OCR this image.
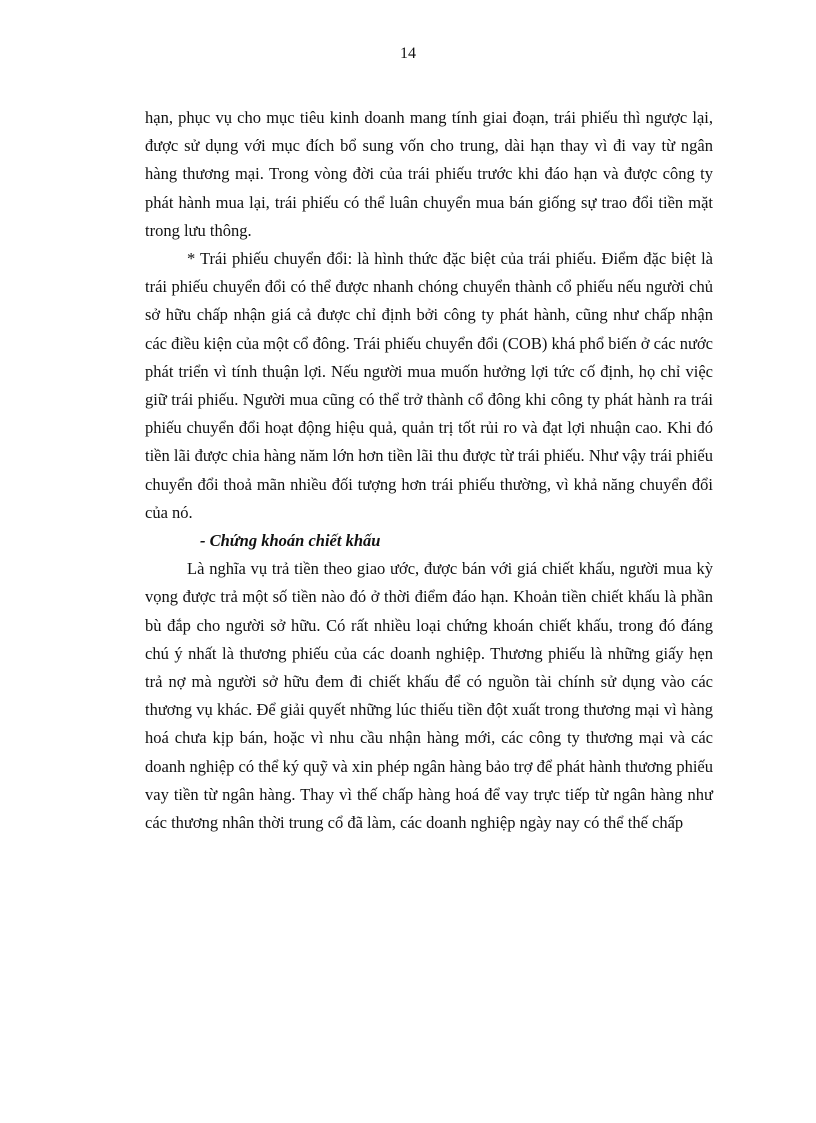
14

hạn, phục vụ cho mục tiêu kinh doanh mang tính giai đoạn, trái phiếu thì ngược lại, được sử dụng với mục đích bổ sung vốn cho trung, dài hạn thay vì đi vay từ ngân hàng thương mại. Trong vòng đời của trái phiếu trước khi đáo hạn và được công ty phát hành mua lại, trái phiếu có thể luân chuyển mua bán giống sự trao đổi tiền mặt trong lưu thông.

* Trái phiếu chuyển đổi: là hình thức đặc biệt của trái phiếu. Điểm đặc biệt là trái phiếu chuyển đổi có thể được nhanh chóng chuyển thành cổ phiếu nếu người chủ sở hữu chấp nhận giá cả được chỉ định bởi công ty phát hành, cũng như chấp nhận các điều kiện của một cổ đông. Trái phiếu chuyển đổi (COB) khá phổ biến ở các nước phát triển vì tính thuận lợi. Nếu người mua muốn hưởng lợi tức cố định, họ chỉ việc giữ trái phiếu. Người mua cũng có thể trở thành cổ đông khi công ty phát hành ra trái phiếu chuyển đổi hoạt động hiệu quả, quản trị tốt rủi ro và đạt lợi nhuận cao. Khi đó tiền lãi được chia hàng năm lớn hơn tiền lãi thu được từ trái phiếu. Như vậy trái phiếu chuyển đổi thoả mãn nhiều đối tượng hơn trái phiếu thường, vì khả năng chuyển đổi của nó.

- Chứng khoán chiết khấu

Là nghĩa vụ trả tiền theo giao ước, được bán với giá chiết khấu, người mua kỳ vọng được trả một số tiền nào đó ở thời điểm đáo hạn. Khoản tiền chiết khấu là phần bù đắp cho người sở hữu. Có rất nhiều loại chứng khoán chiết khấu, trong đó đáng chú ý nhất là thương phiếu của các doanh nghiệp. Thương phiếu là những giấy hẹn trả nợ mà người sở hữu đem đi chiết khấu để có nguồn tài chính sử dụng vào các thương vụ khác. Để giải quyết những lúc thiếu tiền đột xuất trong thương mại vì hàng hoá chưa kịp bán, hoặc vì nhu cầu nhận hàng mới, các công ty thương mại và các doanh nghiệp có thể ký quỹ và xin phép ngân hàng bảo trợ để phát hành thương phiếu vay tiền từ ngân hàng. Thay vì thế chấp hàng hoá để vay trực tiếp từ ngân hàng như các thương nhân thời trung cổ đã làm, các doanh nghiệp ngày nay có thể thế chấp
